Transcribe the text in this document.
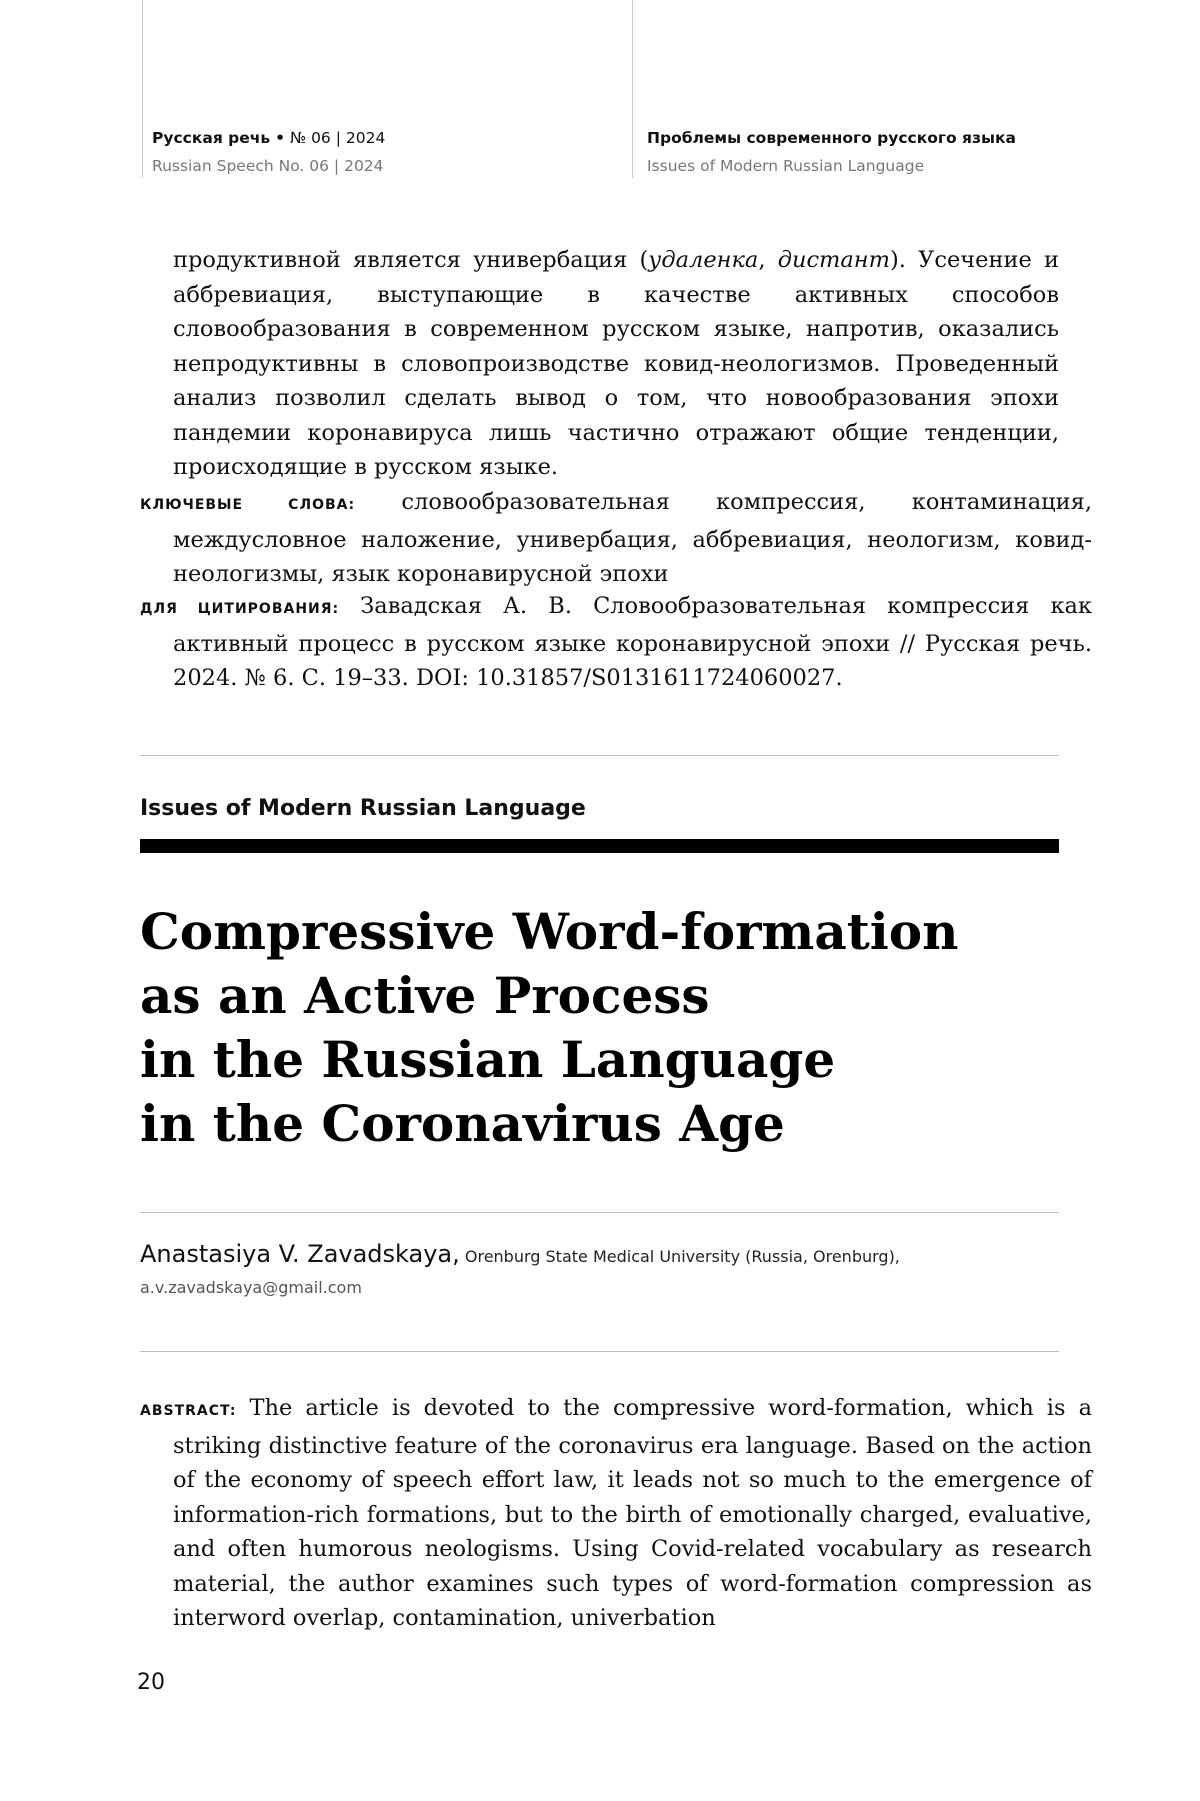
Русская речь • № 06 | 2024
Russian Speech No. 06 | 2024
Проблемы современного русского языка
Issues of Modern Russian Language

продуктивной является универбация (удаленка, дистант). Усечение и аббревиация, выступающие в качестве активных способов словообразования в современном русском языке, напротив, оказались непродуктивны в словопроизводстве ковид-неологизмов. Проведенный анализ позволил сделать вывод о том, что новообразования эпохи пандемии коронавируса лишь частично отражают общие тенденции, происходящие в русском языке.

КЛЮЧЕВЫЕ СЛОВА: словообразовательная компрессия, контаминация, междусловное наложение, универбация, аббревиация, неологизм, ковид-неологизмы, язык коронавирусной эпохи

ДЛЯ ЦИТИРОВАНИЯ: Завадская А. В. Словообразовательная компрессия как активный процесс в русском языке коронавирусной эпохи // Русская речь. 2024. № 6. С. 19–33. DOI: 10.31857/S0131611724060027.

Issues of Modern Russian Language
Compressive Word-formation
as an Active Process
in the Russian Language
in the Coronavirus Age
Anastasiya V. Zavadskaya, Orenburg State Medical University (Russia, Orenburg),
a.v.zavadskaya@gmail.com

ABSTRACT: The article is devoted to the compressive word-formation, which is a striking distinctive feature of the coronavirus era language. Based on the action of the economy of speech effort law, it leads not so much to the emergence of information-rich formations, but to the birth of emotionally charged, evaluative, and often humorous neologisms. Using Covid-related vocabulary as research material, the author examines such types of word-formation compression as interword overlap, contamination, univerbation

20
